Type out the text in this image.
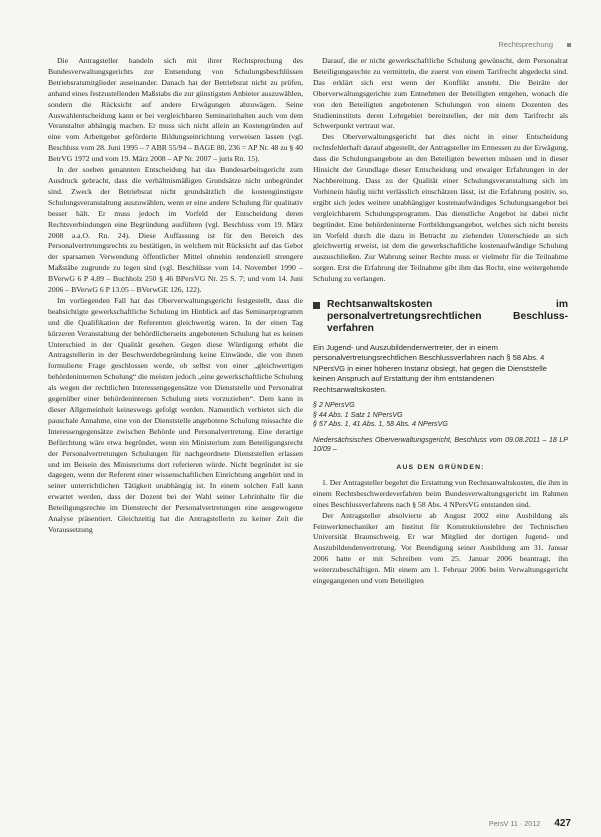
Rechtsprechung

Die Antragsteller handeln sich mit ihrer Rechtsprechung des Bundesverwaltungsgerichts zur Entsendung von Schulungsbeschlüssen Betriebsratsmitglieder auseinander. Danach hat der Betriebsrat nicht zu prüfen, anhand eines festzustellenden Maßstabs die zur günstigsten Anbieter auszuwählen, sondern die Rücksicht auf andere Erwägungen abzuwägen. Seine Auswahlentscheidung kann er bei vergleichbaren Seminarinhalten auch von dem Veranstalter abhängig machen. Er muss sich nicht allein an Kostengründen auf eine vom Arbeitgeber geförderte Bildungseinrichtung verweisen lassen (vgl. Beschluss vom 28. Juni 1995 – 7 ABR 55/94 – BAGE 80, 236 = AP Nr. 48 zu § 40 BetrVG 1972 und vom 19. März 2008 – AP Nr. 2007 – juris Rn. 15).

In der soeben genannten Entscheidung hat das Bundesarbeitsgericht zum Ausdruck gebracht, dass die verhältnismäßigen Grundsätze nicht unbegründet sind. Zweck der Betriebsrat nicht grundsätzlich die kostengünstigste Schulungsveranstaltung auszuwählen, wenn er eine andere Schulung für qualitativ besser hält. Er muss jedoch im Vorfeld der Entscheidung deren Rechtsverbindungen eine Begründung ausführen (vgl. Beschluss vom 19. März 2008 a.a.O. Rn. 24). Diese Auffassung ist für den Bereich des Personalvertretungsrechts zu bestätigen, in welchem mit Rücksicht auf das Gebot der sparsamen Verwendung öffentlicher Mittel ohnehin tendenziell strengere Maßstäbe zugrunde zu legen sind (vgl. Beschlüsse vom 14. November 1990 – BVerwG 6 P 4.89 – Buchholz 250 § 46 BPersVG Nr. 25 S. 7; und vom 14. Juni 2006 – BVerwG 6 P 13.05 – BVerwGE 126, 122).

Im vorliegenden Fall hat das Oberverwaltungsgericht festgestellt, dass die beabsichtigte gewerkschaftliche Schulung im Hinblick auf das Seminarprogramm und die Qualifikation der Referenten gleichwertig waren. In der einen Tag kürzeren Veranstaltung der behördlicherseits angebotenen Schulung hat es keinen Unterschied in der Qualität gesehen. Gegen diese Würdigung erhebt die Antragstellerin in der Beschwerdebegründung keine Einwände, die von ihnen formulierte Frage geschlossen werde, ob selbst von einer „gleichwertigen behördeninternen Schulung“ die meisten jedoch „eine gewerkschaftliche Schulung als wegen der rechtlichen Interessengegensätze von Dienststelle und Personalrat gegenüber einer behördeninternen Schulung stets vorzuziehen“. Dem kann in dieser Allgemeinheit keineswegs gefolgt werden. Namentlich verbietet sich die pauschale Annahme, eine von der Dienststelle angebotene Schulung missachte die Interessengegensätze zwischen Behörde und Personalvertretung. Eine derartige Befürchtung wäre etwa begründet, wenn ein Ministerium zum Beteiligungsrecht der Personalvertretungen Schulungen für nachgeordnete Dienststellen erlassen und im Beisein des Ministeriums dort referieren würde. Nicht begründet ist sie dagegen, wenn der Referent einer wissenschaftlichen Einrichtung angehört und in seiner unterrichtlichen Tätigkeit unabhängig ist. In einem solchen Fall kann erwartet werden, dass der Dozent bei der Wahl seiner Lehrinhalte für die Beteiligungsrechte im Dienstrecht der Personalvertretungen eine ausgewogene Analyse präsentiert. Gleichzeitig hat die Antragstellerin zu keiner Zeit die Voraussetzung

Darauf, die er nicht gewerkschaftliche Schulung gewünscht, dem Personalrat Beteiligungsrechte zu vermitteln, die zuerst von einem Tarifrecht abgedeckt sind. Das erklärt sich erst wenn der Konflikt ansteht. Die Beiräte der Oberverwaltungsgerichte zum Entnehmen der Beteiligten entgehen, wonach die von den Beteiligten angebotenen Schulungen von einem Dozenten des Studieninstituts deren Lehrgebiet bereitstellen, der mit dem Tarifrecht als Schwerpunkt vertraut war.

Des Oberverwaltungsgericht hat dies nicht in einer Entscheidung rechtsfehlerhaft darauf abgestellt, der Antragsteller im Ermessen zu der Erwägung, dass die Schulungsangebote an den Beteiligten bewerten müssen und in dieser Hinsicht der Grundlage dieser Entscheidung und etwaiger Erfahrungen in der Nachbereitung. Dass zu der Qualität einer Schulungsveranstaltung sich im Vorhinein häufig nicht verlässlich einschätzen lässt, ist die Erfahrung positiv, so, ergibt sich jedes weitere unabhängiger kostenaufwändiges Schulungsangebot bei vergleichbarem Schulungsprogramm. Das dienstliche Angebot ist dabei nicht begründet. Eine behördeninterne Fortbildungsangebot, welches sich nicht bereits im Vorfeld durch die dazu in Betracht zu ziehenden Unterschiede an sich gleichwertig erweist, ist dem die gewerkschaftliche kostenaufwändige Schulung auszuschließen. Zur Wahrung seiner Rechte muss er vielmehr für die Teilnahme sorgen. Erst die Erfahrung der Teilnahme gibt ihm das Recht, eine weitergehende Schulung zu verlangen.

Rechtsanwaltskosten im personalvertretungsrechtlichen Beschlussverfahren
Ein Jugend- und Auszubildendenvertreter, der in einem personalvertretungsrechtlichen Beschlussverfahren nach § 58 Abs. 4 NPersVG in einer höheren Instanz obsiegt, hat gegen die Dienststelle keinen Anspruch auf Erstattung der ihm entstandenen Rechtsanwaltskosten.

§ 2 NPersVG

§ 44 Abs. 1 Satz 1 NPersVG

§ 57 Abs. 1, 41 Abs. 1, 58 Abs. 4 NPersVG

Niedersächsisches Oberverwaltungsgericht, Beschluss vom 09.08.2011 – 18 LP 10/09 –
AUS DEN GRÜNDEN:

1. Der Antragsteller begehrt die Erstattung von Rechtsanwaltskosten, die ihm in einem Rechtsbeschwerdeverfahren beim Bundesverwaltungsgericht im Rahmen eines Beschlussverfahrens nach § 58 Abs. 4 NPersVG entstanden sind.

Der Antragsteller absolvierte ab August 2002 eine Ausbildung als Feinwerkmechaniker am Institut für Konstruktionslehre der Technischen Universität Braunschweig. Er war Mitglied der dortigen Jugend- und Auszubildendenvertretung. Vor Beendigung seiner Ausbildung am 31. Januar 2006 hatte er mit Schreiben vom 25. Januar 2006 beantragt, ihn weiterzubeschäftigen. Mit einem am 1. Februar 2006 beim Verwaltungsgericht eingegangenen und vom Beteiligten

PersV 11 · 2012 427
